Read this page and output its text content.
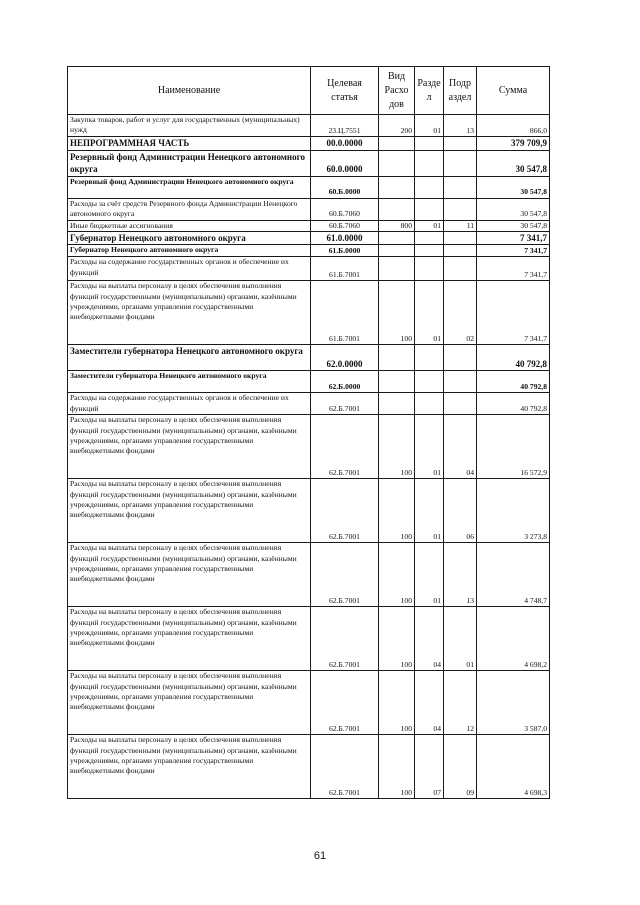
Наименование	Целевая статья	Вид Расхо дов	Разде л	Подр аздел	Сумма
Закупка товаров, работ и услуг для государственных (муниципальных) нужд	23.Ц.7551	200	01	13	866,0
НЕПРОГРАММНАЯ ЧАСТЬ	00.0.0000				379 709,9
Резервный фонд Администрации Ненецкого автономного округа	60.0.0000				30 547,8
Резервный фонд Администрации Ненецкого автономного округа	60.Б.0000				30 547,8
Расходы за счёт средств Резервного фонда Администрации Ненецкого автономного округа	60.Б.7060				30 547,8
Иные бюджетные ассигнования	60.Б.7060	800	01	11	30 547,8
Губернатор Ненецкого автономного округа	61.0.0000				7 341,7
Губернатор Ненецкого автономного округа	61.Б.0000				7 341,7
Расходы на содержание государственных органов и обеспечение их функций	61.Б.7001				7 341,7
Расходы на выплаты персоналу в целях обеспечения выполнения функций государственными (муниципальными) органами, казёнными учреждениями, органами управления государственными внебюджетными фондами	61.Б.7001	100	01	02	7 341,7
Заместители губернатора Ненецкого автономного округа	62.0.0000				40 792,8
Заместители губернатора Ненецкого автономного округа	62.Б.0000				40 792,8
Расходы на содержание государственных органов и обеспечение их функций	62.Б.7001				40 792,8
Расходы на выплаты персоналу в целях обеспечения выполнения функций государственными (муниципальными) органами, казёнными учреждениями, органами управления государственными внебюджетными фондами	62.Б.7001	100	01	04	16 572,9
Расходы на выплаты персоналу в целях обеспечения выполнения функций государственными (муниципальными) органами, казёнными учреждениями, органами управления государственными внебюджетными фондами	62.Б.7001	100	01	06	3 273,8
Расходы на выплаты персоналу в целях обеспечения выполнения функций государственными (муниципальными) органами, казёнными учреждениями, органами управления государственными внебюджетными фондами	62.Б.7001	100	01	13	4 748,7
Расходы на выплаты персоналу в целях обеспечения выполнения функций государственными (муниципальными) органами, казёнными учреждениями, органами управления государственными внебюджетными фондами	62.Б.7001	100	04	01	4 698,2
Расходы на выплаты персоналу в целях обеспечения выполнения функций государственными (муниципальными) органами, казёнными учреждениями, органами управления государственными внебюджетными фондами	62.Б.7001	100	04	12	3 587,0
Расходы на выплаты персоналу в целях обеспечения выполнения функций государственными (муниципальными) органами, казёнными учреждениями, органами управления государственными внебюджетными фондами	62.Б.7001	100	07	09	4 698,3
61
